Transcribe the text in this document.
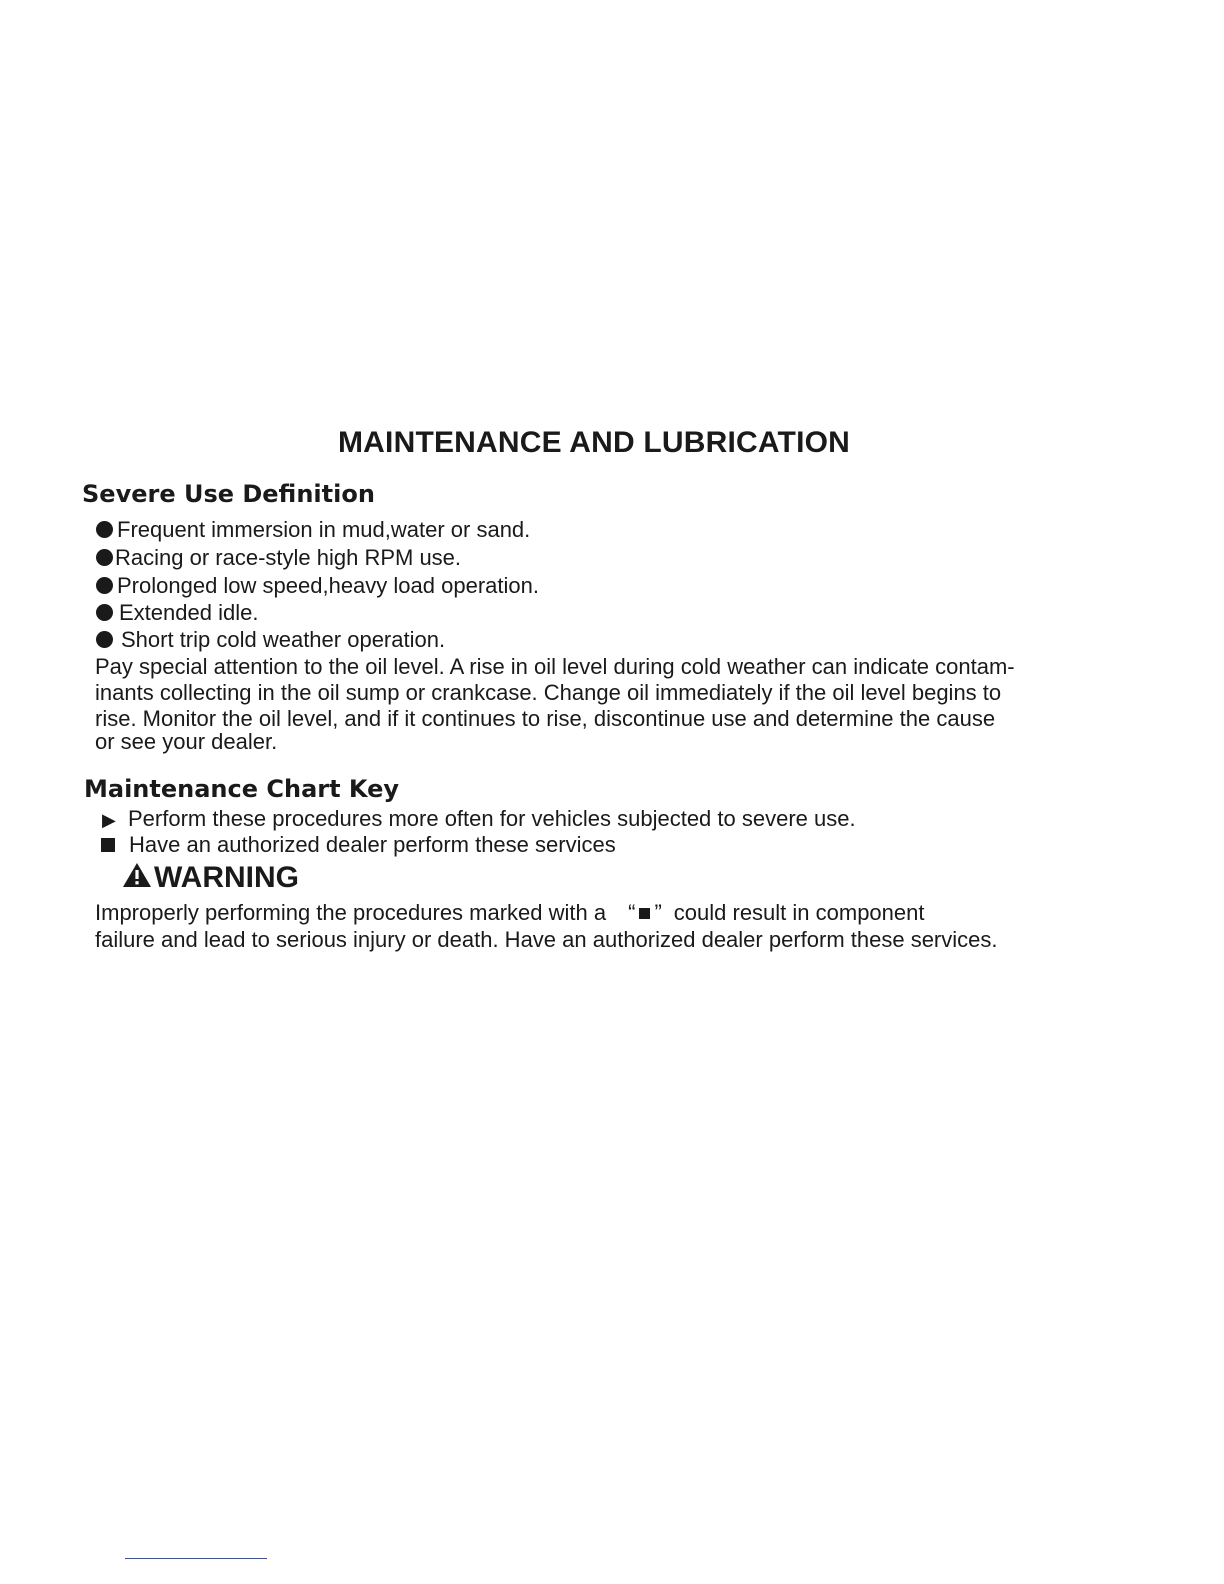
MAINTENANCE AND LUBRICATION
Severe Use Definition
Frequent immersion in mud,water or sand.
Racing or race-style high RPM use.
Prolonged low speed,heavy load operation.
Extended idle.
Short trip cold weather operation.
Pay special attention to the oil level. A rise in oil level during cold weather can indicate contam-
inants collecting in the oil sump or crankcase. Change oil immediately if the oil level begins to
rise. Monitor the oil level, and if it continues to rise, discontinue use and determine the cause
or see your dealer.
Maintenance Chart Key
▶ Perform these procedures more often for vehicles subjected to severe use.
Have an authorized dealer perform these services
WARNING
Improperly performing the procedures marked with a “ ” could result in component
failure and lead to serious injury or death. Have an authorized dealer perform these services.
